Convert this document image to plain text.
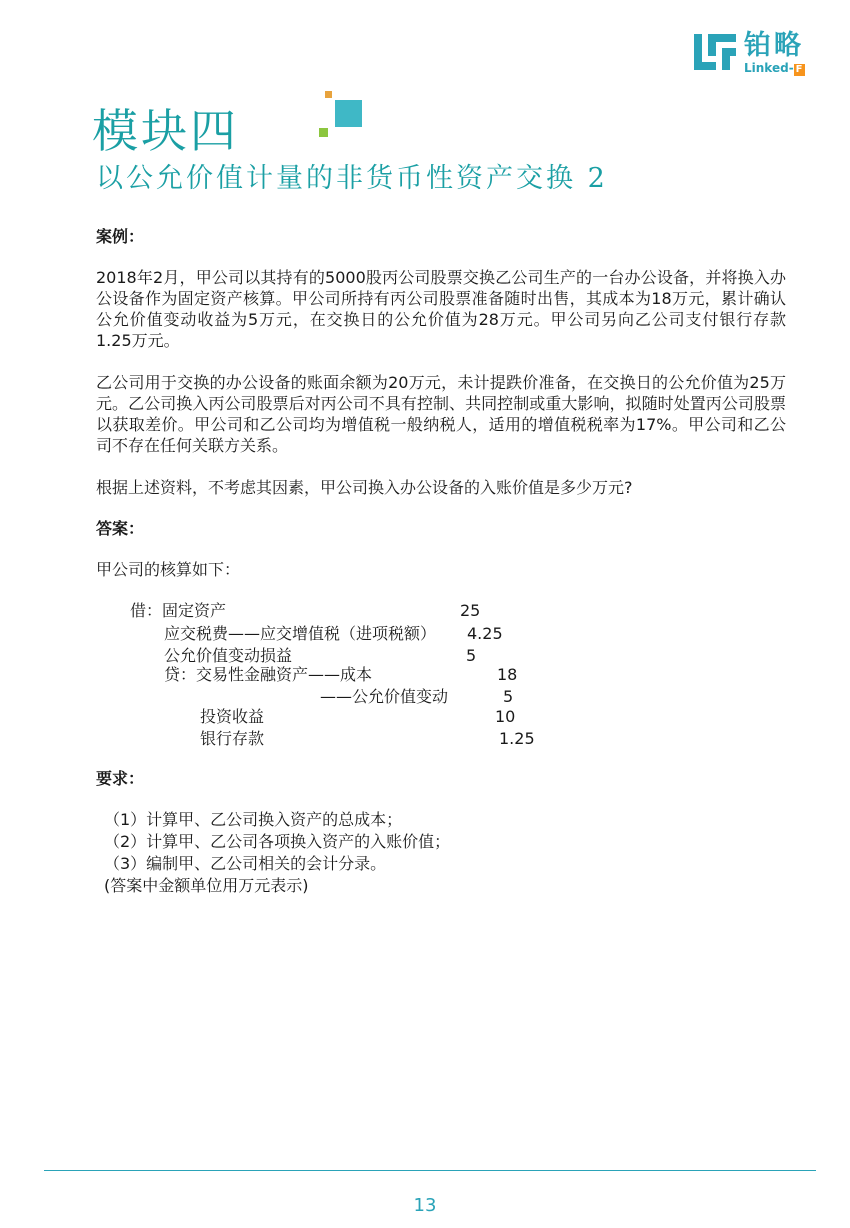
铂略
Linked- F
模块四
以公允价值计量的非货币性资产交换 2

案例：

2018年2月，甲公司以其持有的5000股丙公司股票交换乙公司生产的一台办公设备，并将换入办公设备作为固定资产核算。甲公司所持有丙公司股票准备随时出售，其成本为18万元，累计确认公允价值变动收益为5万元，在交换日的公允价值为28万元。甲公司另向乙公司支付银行存款1.25万元。

乙公司用于交换的办公设备的账面余额为20万元，未计提跌价准备，在交换日的公允价值为25万元。乙公司换入丙公司股票后对丙公司不具有控制、共同控制或重大影响，拟随时处置丙公司股票以获取差价。甲公司和乙公司均为增值税一般纳税人，适用的增值税税率为17%。甲公司和乙公司不存在任何关联方关系。

根据上述资料，不考虑其因素，甲公司换入办公设备的入账价值是多少万元?

答案：

甲公司的核算如下：

借：固定资产	25
应交税费——应交增值税（进项税额） 4.25
公允价值变动损益	5
贷：交易性金融资产——成本	18
——公允价值变动	5
投资收益	10
银行存款	1.25
要求：
（1）计算甲、乙公司换入资产的总成本；
（2）计算甲、乙公司各项换入资产的入账价值；
（3）编制甲、乙公司相关的会计分录。
(答案中金额单位用万元表示)
13
